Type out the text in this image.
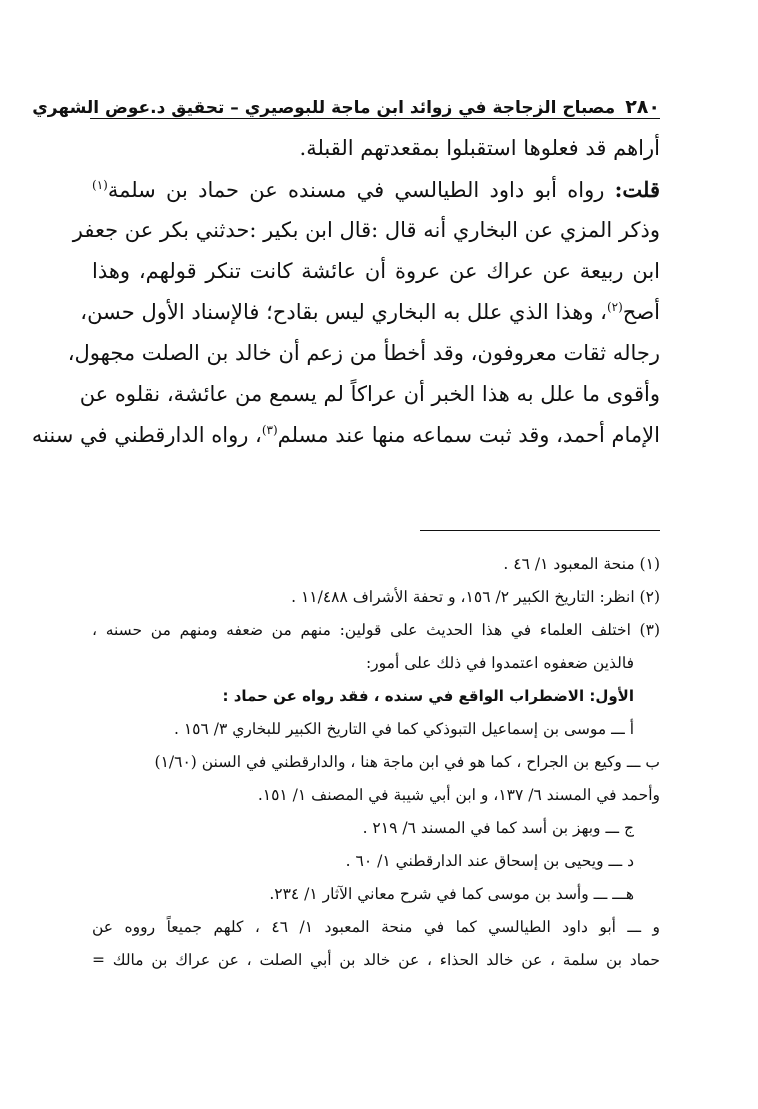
٢٨٠
مصباح الزجاجة في زوائد ابن ماجة للبوصيري – تحقيق د.عوض الشهري
أراهم قد فعلوها استقبلوا بمقعدتهم القبلة.
قلت: رواه أبو داود الطيالسي في مسنده عن حماد بن سلمة$^{(١)}$
وذكر المزي عن البخاري أنه قال :قال ابن بكير :حدثني بكر عن جعفر
ابن ربيعة عن عراك عن عروة أن عائشة كانت تنكر قولهم، وهذا
أصح$^{(٢)}$، وهذا الذي علل به البخاري ليس بقادح؛ فالإسناد الأول حسن،
رجاله ثقات معروفون، وقد أخطأ من زعم أن خالد بن الصلت مجهول،
وأقوى ما علل به هذا الخبر أن عراكاً لم يسمع من عائشة، نقلوه عن
الإمام أحمد، وقد ثبت سماعه منها عند مسلم$^{(٣)}$، رواه الدارقطني في سننه
(١) منحة المعبود ١/ ٤٦ .
(٢) انظر: التاريخ الكبير ٢/ ١٥٦، و تحفة الأشراف ١١/٤٨٨ .
(٣) اختلف العلماء في هذا الحديث على قولين: منهم من ضعفه ومنهم من حسنه ،
فالذين ضعفوه اعتمدوا في ذلك على أمور:
الأول: الاضطراب الواقع في سنده ، فقد رواه عن حماد :
أ ـــ موسى بن إسماعيل التبوذكي كما في التاريخ الكبير للبخاري ٣/ ١٥٦ .
ب ـــ وكيع بن الجراح ، كما هو في ابن ماجة هنا ، والدارقطني في السنن (١/٦٠)
وأحمد في المسند ٦/ ١٣٧، و ابن أبي شيبة في المصنف ١/ ١٥١.
ج ـــ وبهز بن أسد كما في المسند ٦/ ٢١٩ .
د ـــ ويحيى بن إسحاق عند الدارقطني ١/ ٦٠ .
هـــ ـــ وأسد بن موسى كما في شرح معاني الآثار ١/ ٢٣٤.
و ـــ أبو داود الطيالسي كما في منحة المعبود ١/ ٤٦ ، كلهم جميعاً رووه عن
حماد بن سلمة ، عن خالد الحذاء ، عن خالد بن أبي الصلت ، عن عراك بن مالك =
